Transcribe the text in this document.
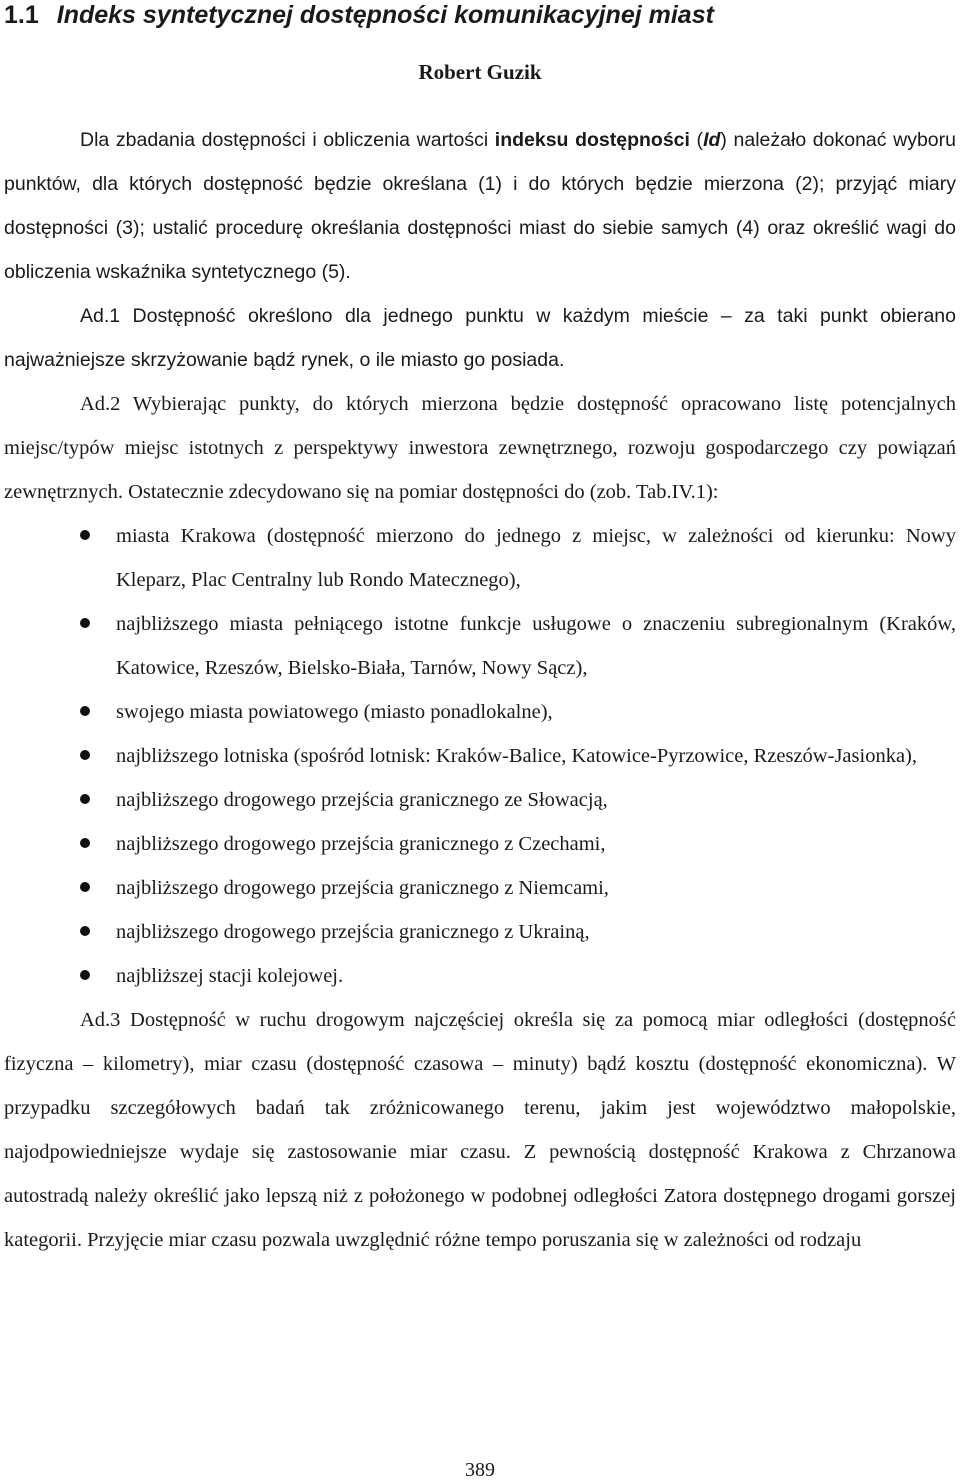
1.1 Indeks syntetycznej dostępności komunikacyjnej miast
Robert Guzik

Dla zbadania dostępności i obliczenia wartości indeksu dostępności (Id) należało dokonać wyboru punktów, dla których dostępność będzie określana (1) i do których będzie mierzona (2); przyjąć miary dostępności (3); ustalić procedurę określania dostępności miast do siebie samych (4) oraz określić wagi do obliczenia wskaźnika syntetycznego (5).

Ad.1 Dostępność określono dla jednego punktu w każdym mieście – za taki punkt obierano najważniejsze skrzyżowanie bądź rynek, o ile miasto go posiada.

Ad.2 Wybierając punkty, do których mierzona będzie dostępność opracowano listę potencjalnych miejsc/typów miejsc istotnych z perspektywy inwestora zewnętrznego, rozwoju gospodarczego czy powiązań zewnętrznych. Ostatecznie zdecydowano się na pomiar dostępności do (zob. Tab.IV.1):

miasta Krakowa (dostępność mierzono do jednego z miejsc, w zależności od kierunku: Nowy Kleparz, Plac Centralny lub Rondo Matecznego),
najbliższego miasta pełniącego istotne funkcje usługowe o znaczeniu subregionalnym (Kraków, Katowice, Rzeszów, Bielsko-Biała, Tarnów, Nowy Sącz),
swojego miasta powiatowego (miasto ponadlokalne),
najbliższego lotniska (spośród lotnisk: Kraków-Balice, Katowice-Pyrzowice, Rzeszów-Jasionka),
najbliższego drogowego przejścia granicznego ze Słowacją,
najbliższego drogowego przejścia granicznego z Czechami,
najbliższego drogowego przejścia granicznego z Niemcami,
najbliższego drogowego przejścia granicznego z Ukrainą,
najbliższej stacji kolejowej.

Ad.3 Dostępność w ruchu drogowym najczęściej określa się za pomocą miar odległości (dostępność fizyczna – kilometry), miar czasu (dostępność czasowa – minuty) bądź kosztu (dostępność ekonomiczna). W przypadku szczegółowych badań tak zróżnicowanego terenu, jakim jest województwo małopolskie, najodpowiedniejsze wydaje się zastosowanie miar czasu. Z pewnością dostępność Krakowa z Chrzanowa autostradą należy określić jako lepszą niż z położonego w podobnej odległości Zatora dostępnego drogami gorszej kategorii. Przyjęcie miar czasu pozwala uwzględnić różne tempo poruszania się w zależności od rodzaju

389
